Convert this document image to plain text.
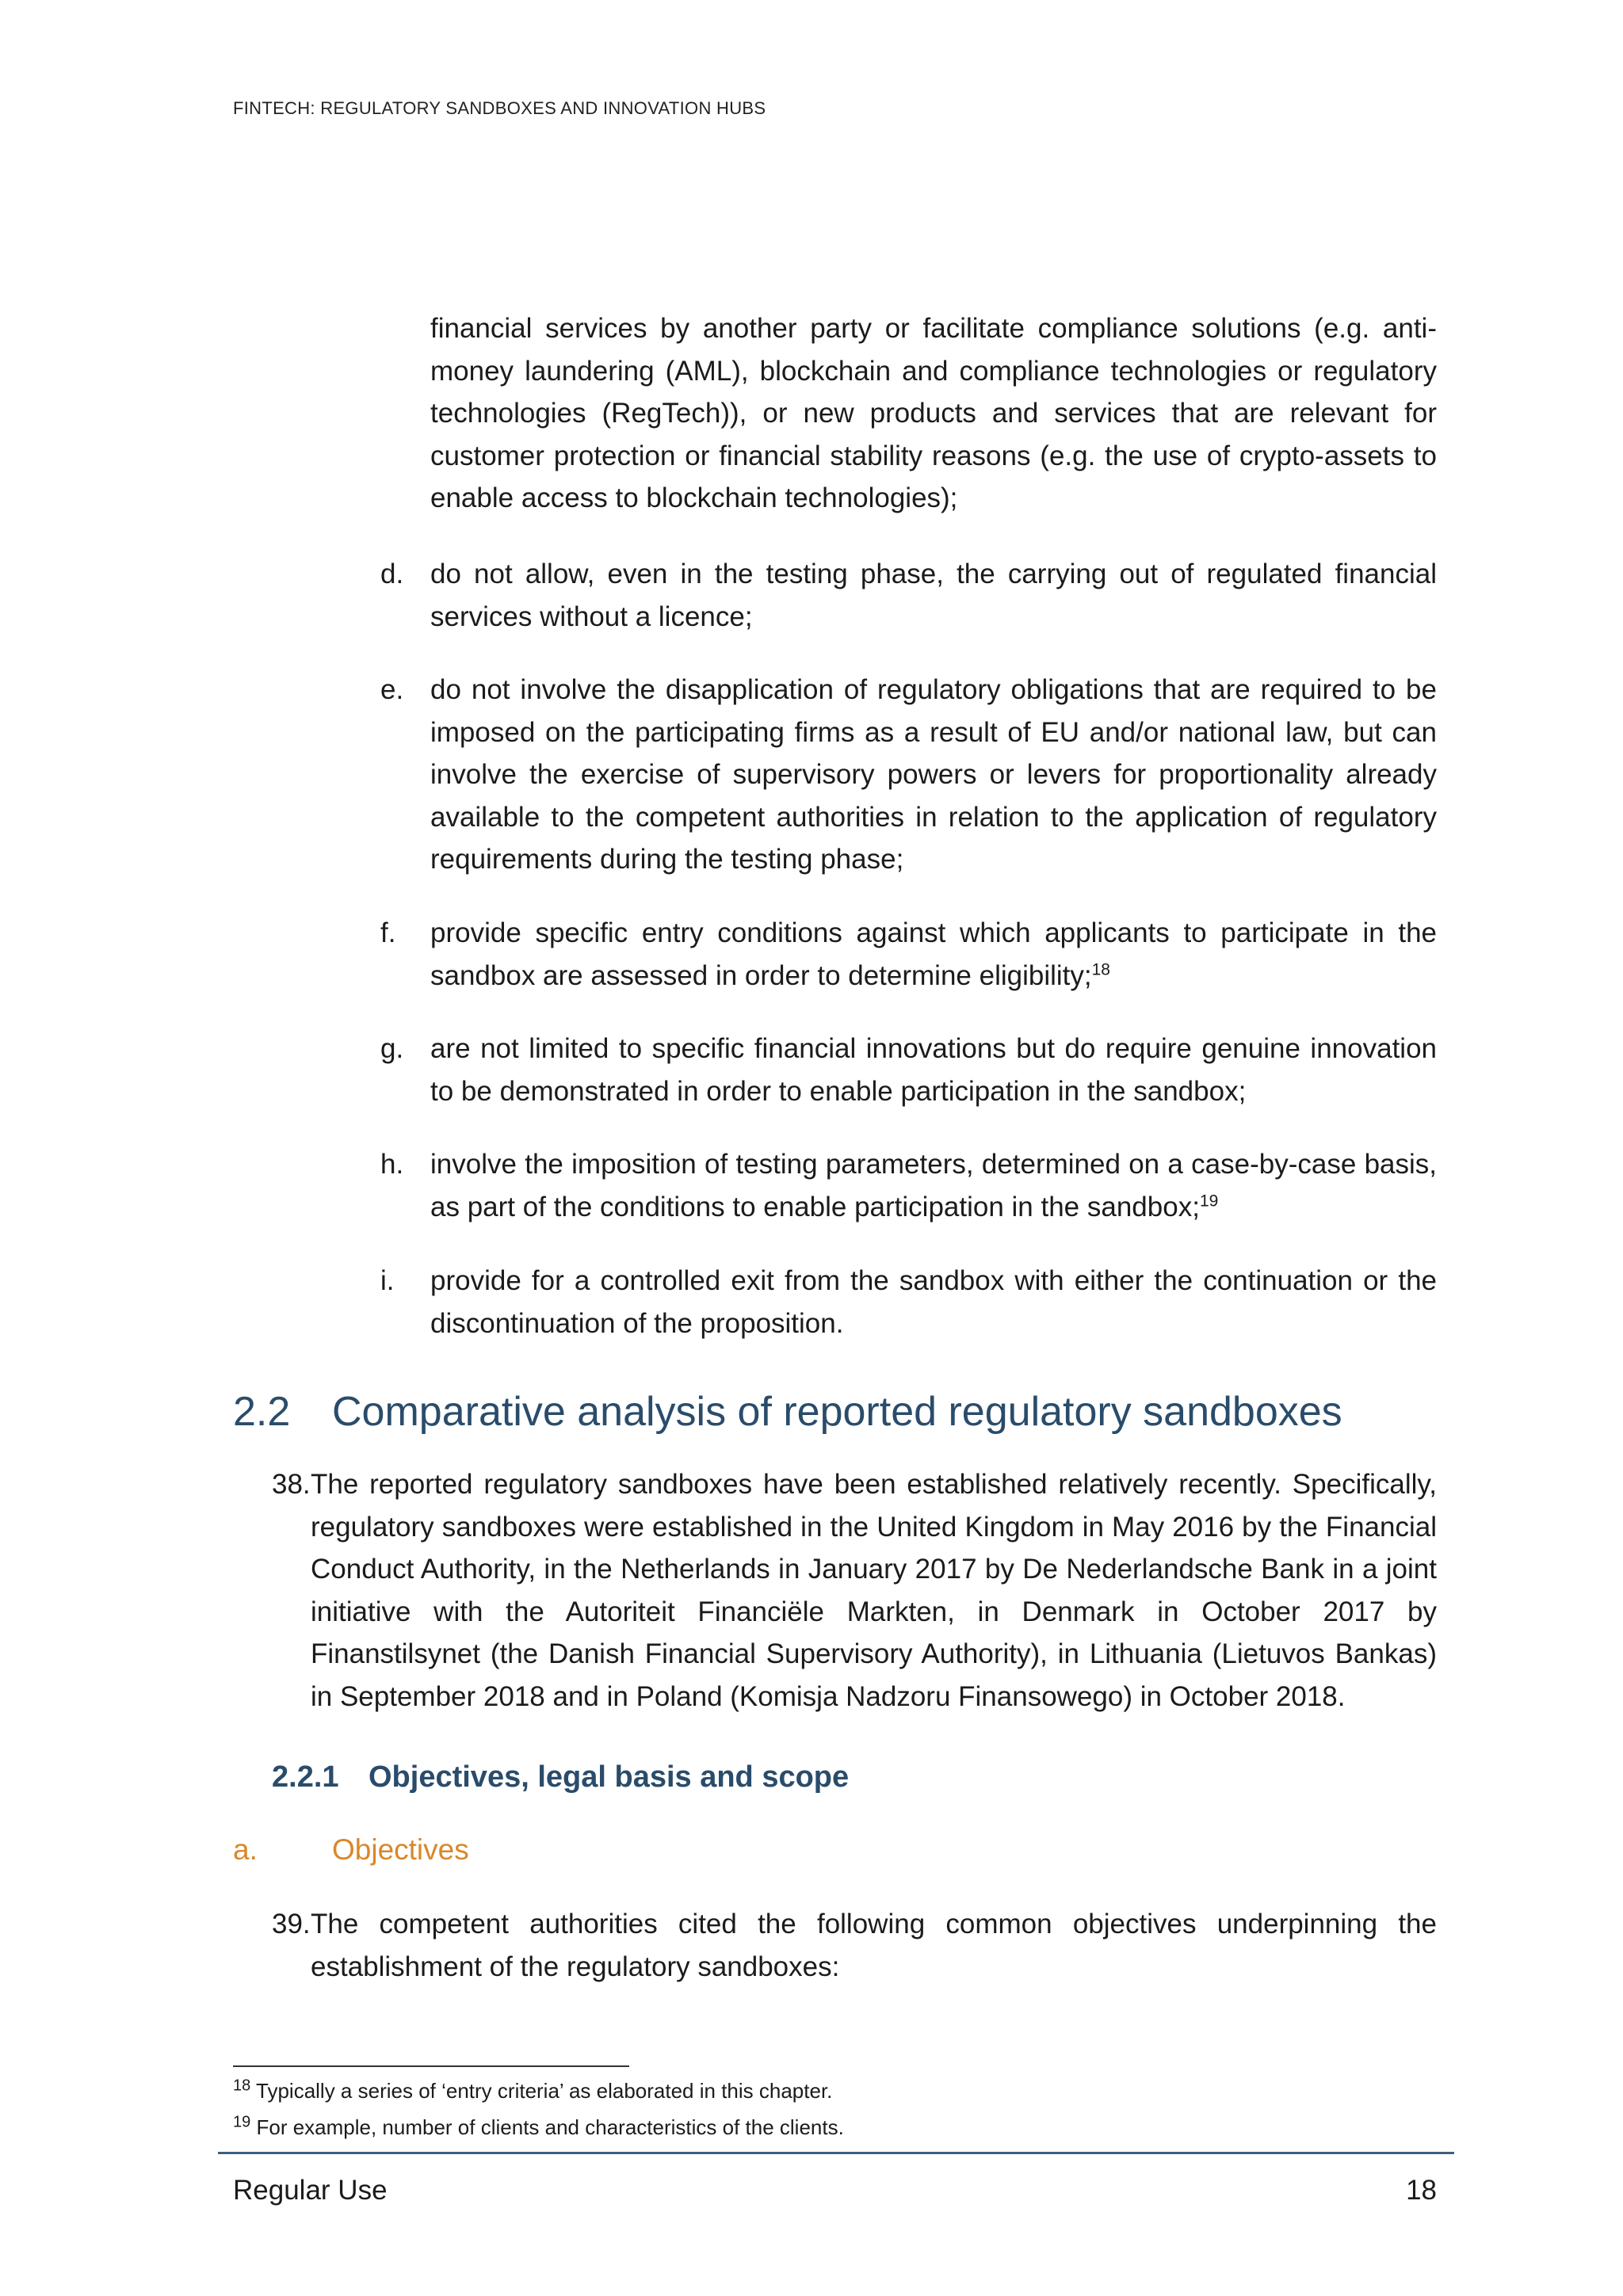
FINTECH: REGULATORY SANDBOXES AND INNOVATION HUBS
financial services by another party or facilitate compliance solutions (e.g. anti-money laundering (AML), blockchain and compliance technologies or regulatory technologies (RegTech)), or new products and services that are relevant for customer protection or financial stability reasons (e.g. the use of crypto-assets to enable access to blockchain technologies);
d. do not allow, even in the testing phase, the carrying out of regulated financial services without a licence;
e. do not involve the disapplication of regulatory obligations that are required to be imposed on the participating firms as a result of EU and/or national law, but can involve the exercise of supervisory powers or levers for proportionality already available to the competent authorities in relation to the application of regulatory requirements during the testing phase;
f. provide specific entry conditions against which applicants to participate in the sandbox are assessed in order to determine eligibility;$^{18}$
g. are not limited to specific financial innovations but do require genuine innovation to be demonstrated in order to enable participation in the sandbox;
h. involve the imposition of testing parameters, determined on a case-by-case basis, as part of the conditions to enable participation in the sandbox;$^{19}$
i. provide for a controlled exit from the sandbox with either the continuation or the discontinuation of the proposition.
2.2 Comparative analysis of reported regulatory sandboxes
38. The reported regulatory sandboxes have been established relatively recently. Specifically, regulatory sandboxes were established in the United Kingdom in May 2016 by the Financial Conduct Authority, in the Netherlands in January 2017 by De Nederlandsche Bank in a joint initiative with the Autoriteit Financiële Markten, in Denmark in October 2017 by Finanstilsynet (the Danish Financial Supervisory Authority), in Lithuania (Lietuvos Bankas) in September 2018 and in Poland (Komisja Nadzoru Finansowego) in October 2018.
2.2.1 Objectives, legal basis and scope
a.	Objectives
39. The competent authorities cited the following common objectives underpinning the establishment of the regulatory sandboxes:
$^{18}$ Typically a series of ‘entry criteria’ as elaborated in this chapter.
$^{19}$ For example, number of clients and characteristics of the clients.
Regular Use	18
